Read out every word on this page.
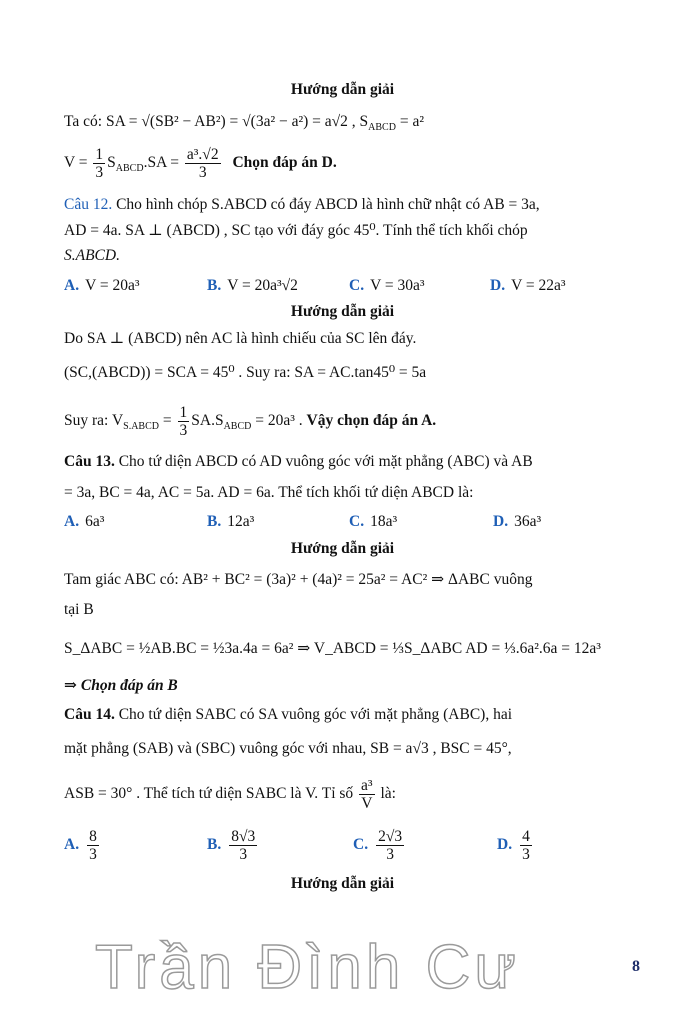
Hướng dẫn giải
Ta có: SA = √(SB² − AB²) = √(3a² − a²) = a√2 , $S_{ABCD} = a^2$
$V = \frac{1}{3} S_{ABCD}.SA = \frac{\text{a³.√2}}{3}$ Chọn đáp án D.
Câu 12. Cho hình chóp S.ABCD có đáy ABCD là hình chữ nhật có AB = 3a,
AD = 4a. SA ⊥ (ABCD) , SC tạo với đáy góc 45⁰. Tính thể tích khối chóp
S.ABCD.
A. V = 20a³	B. V = 20a³√2	C. V = 30a³	D. V = 22a³
Hướng dẫn giải
Do SA ⊥ (ABCD) nên AC là hình chiếu của SC lên đáy.
(SC,(ABCD)) = SCA = 45⁰ . Suy ra: SA = AC.tan45⁰ = 5a
Suy ra: $V_{S.ABCD} = \frac{1}{3} SA.S_{ABCD} = 20a^3$ . Vậy chọn đáp án A.
Câu 13. Cho tứ diện ABCD có AD vuông góc với mặt phẳng (ABC) và AB
= 3a, BC = 4a, AC = 5a. AD = 6a. Thể tích khối tứ diện ABCD là:
A. 6a³	B. 12a³	C. 18a³	D. 36a³
Hướng dẫn giải
Tam giác ABC có: AB² + BC² = (3a)² + (4a)² = 25a² = AC² ⇒ ΔABC vuông
tại B
S_ΔABC = ½AB.BC = ½3a.4a = 6a² ⇒ V_ABCD = ⅓S_ΔABC AD = ⅓.6a².6a = 12a³
⇒ Chọn đáp án B
Câu 14. Cho tứ diện SABC có SA vuông góc với mặt phẳng (ABC), hai
mặt phẳng (SAB) và (SBC) vuông góc với nhau, SB = a√3 , BSC = 45°,
ASB = 30° . Thể tích tứ diện SABC là V. Tỉ số $\frac{\text{a³}}{V}$ là:
A. $\frac{8}{3}$	B. $\frac{8√3}{3}$	C. $\frac{2√3}{3}$	D. $\frac{4}{3}$
Hướng dẫn giải
Trần Đình Cư	8
